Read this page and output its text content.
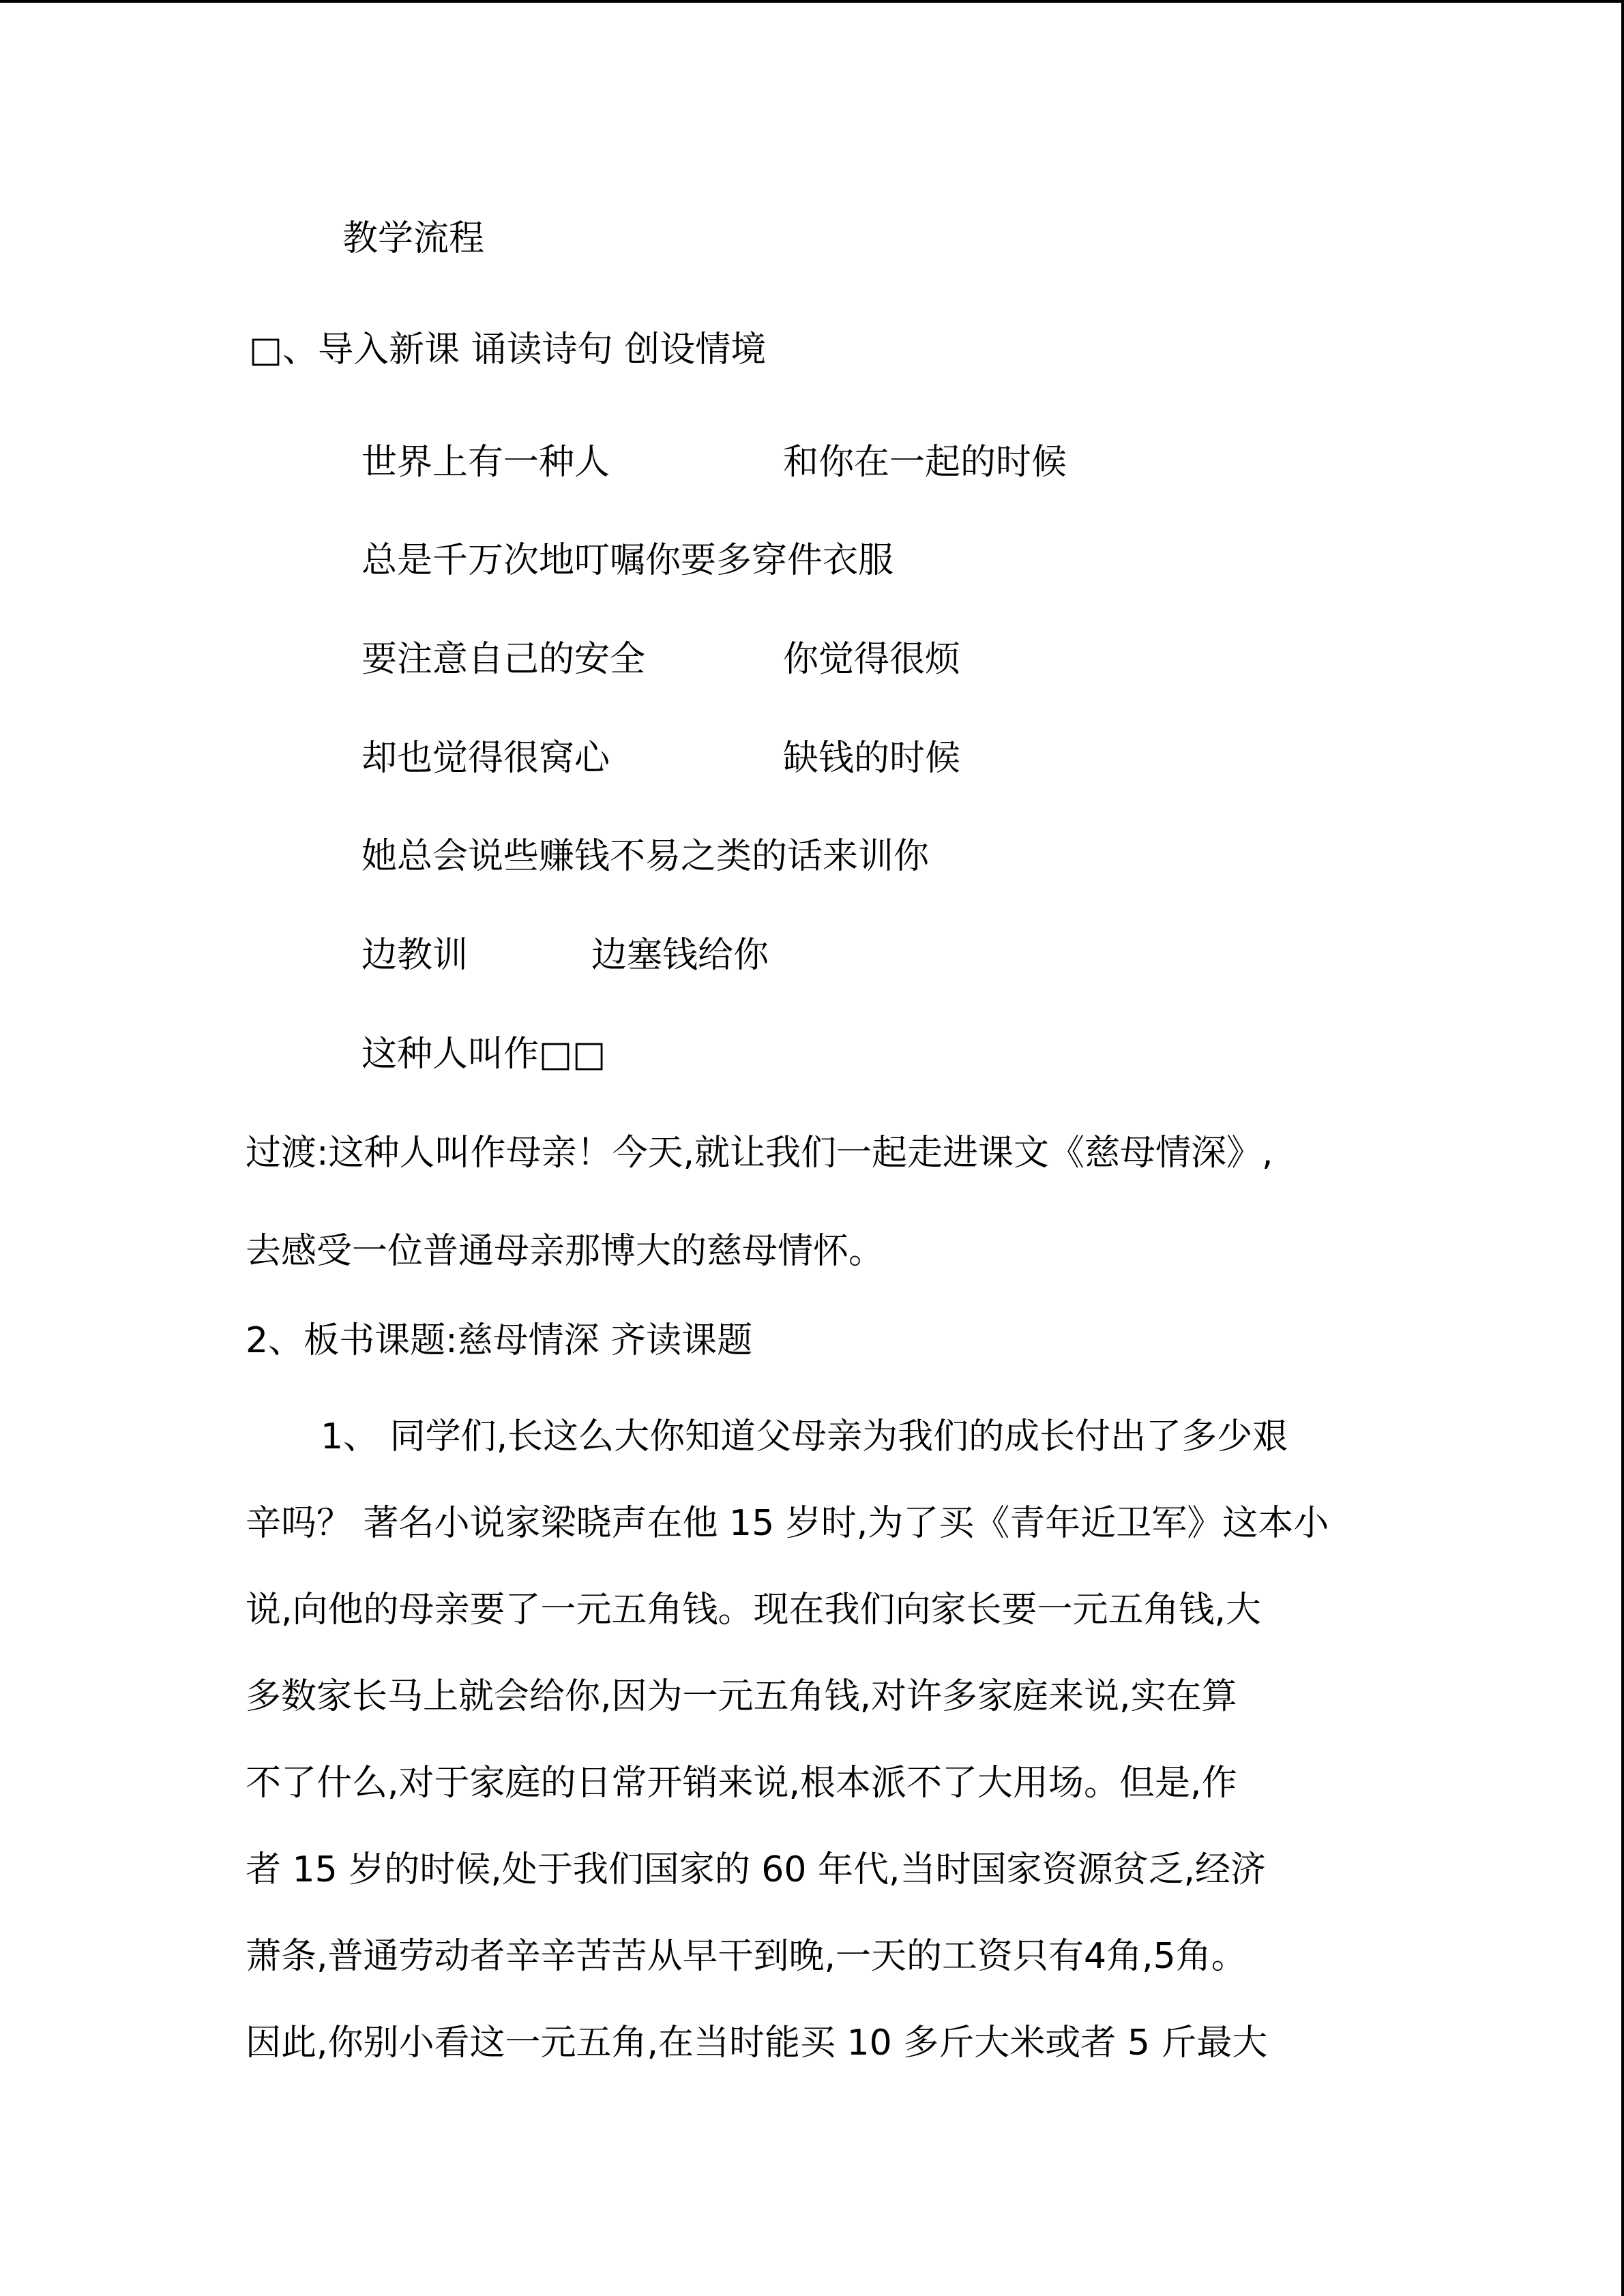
教学流程

□、导入新课 诵读诗句 创设情境

世界上有一种人	和你在一起的时候

总是千万次地叮嘱你要多穿件衣服

要注意自己的安全	你觉得很烦

却也觉得很窝心	缺钱的时候

她总会说些赚钱不易之类的话来训你

边教训	边塞钱给你

这种人叫作□□

过渡:这种人叫作母亲！今天,就让我们一起走进课文《慈母情深》,

去感受一位普通母亲那博大的慈母情怀。

2、板书课题:慈母情深 齐读课题

1、 同学们,长这么大你知道父母亲为我们的成长付出了多少艰

辛吗？ 著名小说家梁晓声在他 15 岁时,为了买《青年近卫军》这本小

说,向他的母亲要了一元五角钱。现在我们向家长要一元五角钱,大

多数家长马上就会给你,因为一元五角钱,对许多家庭来说,实在算

不了什么,对于家庭的日常开销来说,根本派不了大用场。但是,作

者 15 岁的时候,处于我们国家的 60 年代,当时国家资源贫乏,经济

萧条,普通劳动者辛辛苦苦从早干到晚,一天的工资只有4角,5角。

因此,你别小看这一元五角,在当时能买 10 多斤大米或者 5 斤最大
